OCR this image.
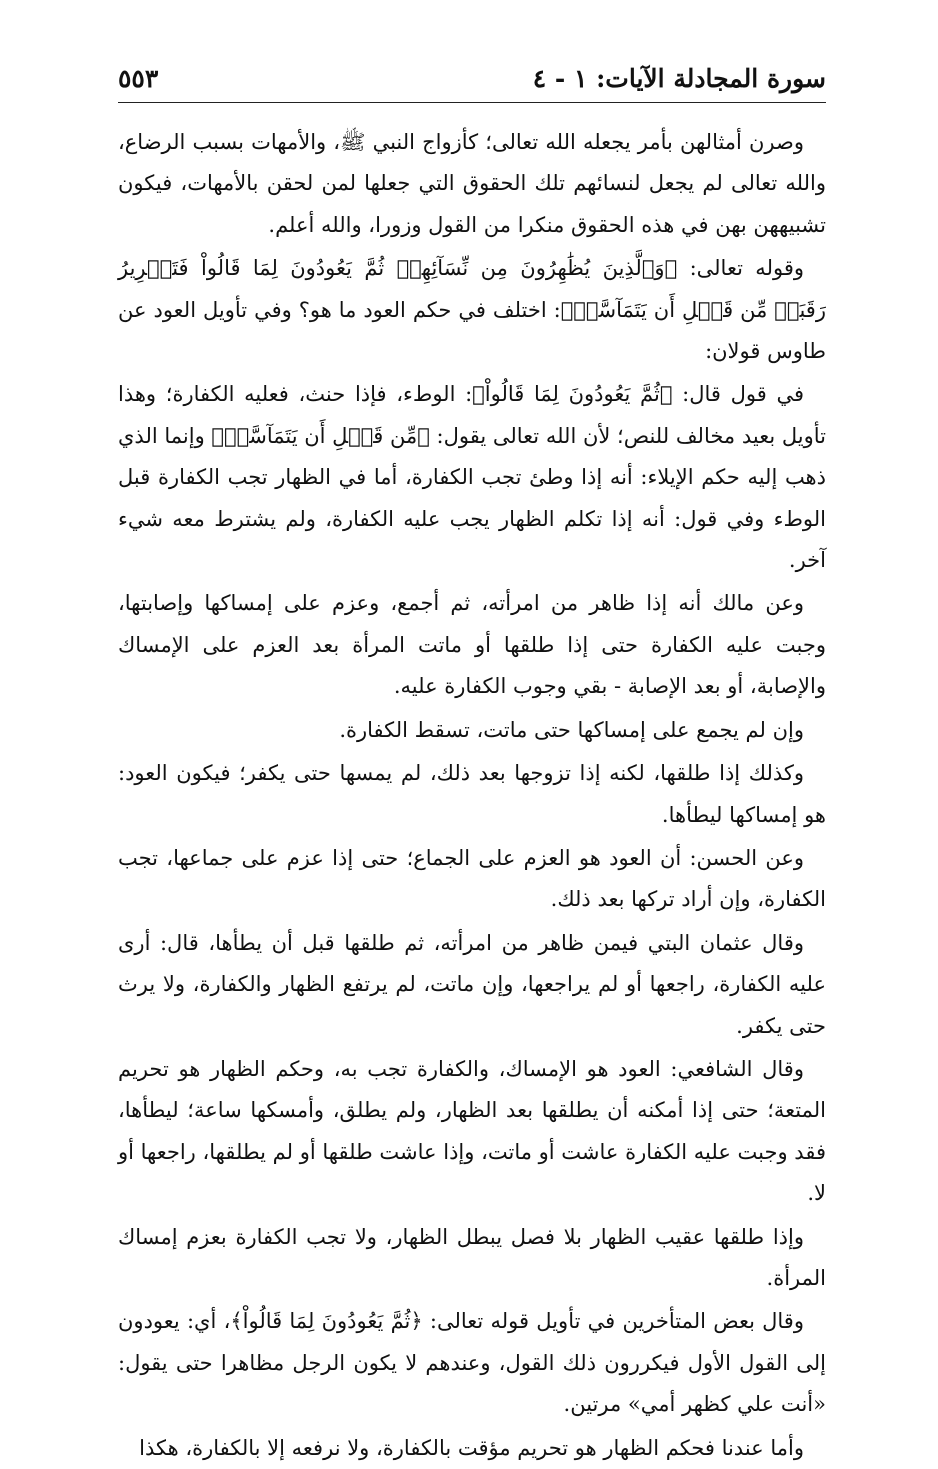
سورة المجادلة الآيات: ١ - ٤
٥٥٣

وصرن أمثالهن بأمر يجعله الله تعالى؛ كأزواج النبي ﷺ، والأمهات بسبب الرضاع، والله تعالى لم يجعل لنسائهم تلك الحقوق التي جعلها لمن لحقن بالأمهات، فيكون تشبيههن بهن في هذه الحقوق منكرا من القول وزورا، والله أعلم.

وقوله تعالى: ﴿وَٱلَّذِينَ يُظَٰهِرُونَ مِن نِّسَآئِهِمۡ ثُمَّ يَعُودُونَ لِمَا قَالُواْ فَتَحۡرِيرُ رَقَبَةٖ مِّن قَبۡلِ أَن يَتَمَآسَّاۚ﴾: اختلف في حكم العود ما هو؟ وفي تأويل العود عن طاوس قولان:

في قول قال: ﴿ثُمَّ يَعُودُونَ لِمَا قَالُواْ﴾: الوطء، فإذا حنث، فعليه الكفارة؛ وهذا تأويل بعيد مخالف للنص؛ لأن الله تعالى يقول: ﴿مِّن قَبۡلِ أَن يَتَمَآسَّاۚ﴾ وإنما الذي ذهب إليه حكم الإيلاء: أنه إذا وطئ تجب الكفارة، أما في الظهار تجب الكفارة قبل الوطء وفي قول: أنه إذا تكلم الظهار يجب عليه الكفارة، ولم يشترط معه شيء آخر.

وعن مالك أنه إذا ظاهر من امرأته، ثم أجمع، وعزم على إمساكها وإصابتها، وجبت عليه الكفارة حتى إذا طلقها أو ماتت المرأة بعد العزم على الإمساك والإصابة، أو بعد الإصابة - بقي وجوب الكفارة عليه.

وإن لم يجمع على إمساكها حتى ماتت، تسقط الكفارة.

وكذلك إذا طلقها، لكنه إذا تزوجها بعد ذلك، لم يمسها حتى يكفر؛ فيكون العود: هو إمساكها ليطأها.

وعن الحسن: أن العود هو العزم على الجماع؛ حتى إذا عزم على جماعها، تجب الكفارة، وإن أراد تركها بعد ذلك.

وقال عثمان البتي فيمن ظاهر من امرأته، ثم طلقها قبل أن يطأها، قال: أرى عليه الكفارة، راجعها أو لم يراجعها، وإن ماتت، لم يرتفع الظهار والكفارة، ولا يرث حتى يكفر.

وقال الشافعي: العود هو الإمساك، والكفارة تجب به، وحكم الظهار هو تحريم المتعة؛ حتى إذا أمكنه أن يطلقها بعد الظهار، ولم يطلق، وأمسكها ساعة؛ ليطأها، فقد وجبت عليه الكفارة عاشت أو ماتت، وإذا عاشت طلقها أو لم يطلقها، راجعها أو لا.

وإذا طلقها عقيب الظهار بلا فصل يبطل الظهار، ولا تجب الكفارة بعزم إمساك المرأة.

وقال بعض المتأخرين في تأويل قوله تعالى: ﴿ثُمَّ يَعُودُونَ لِمَا قَالُواْ﴾، أي: يعودون إلى القول الأول فيكررون ذلك القول، وعندهم لا يكون الرجل مظاهرا حتى يقول: «أنت علي كظهر أمي» مرتين.

وأما عندنا فحكم الظهار هو تحريم مؤقت بالكفارة، ولا نرفعه إلا بالكفارة، هكذا
